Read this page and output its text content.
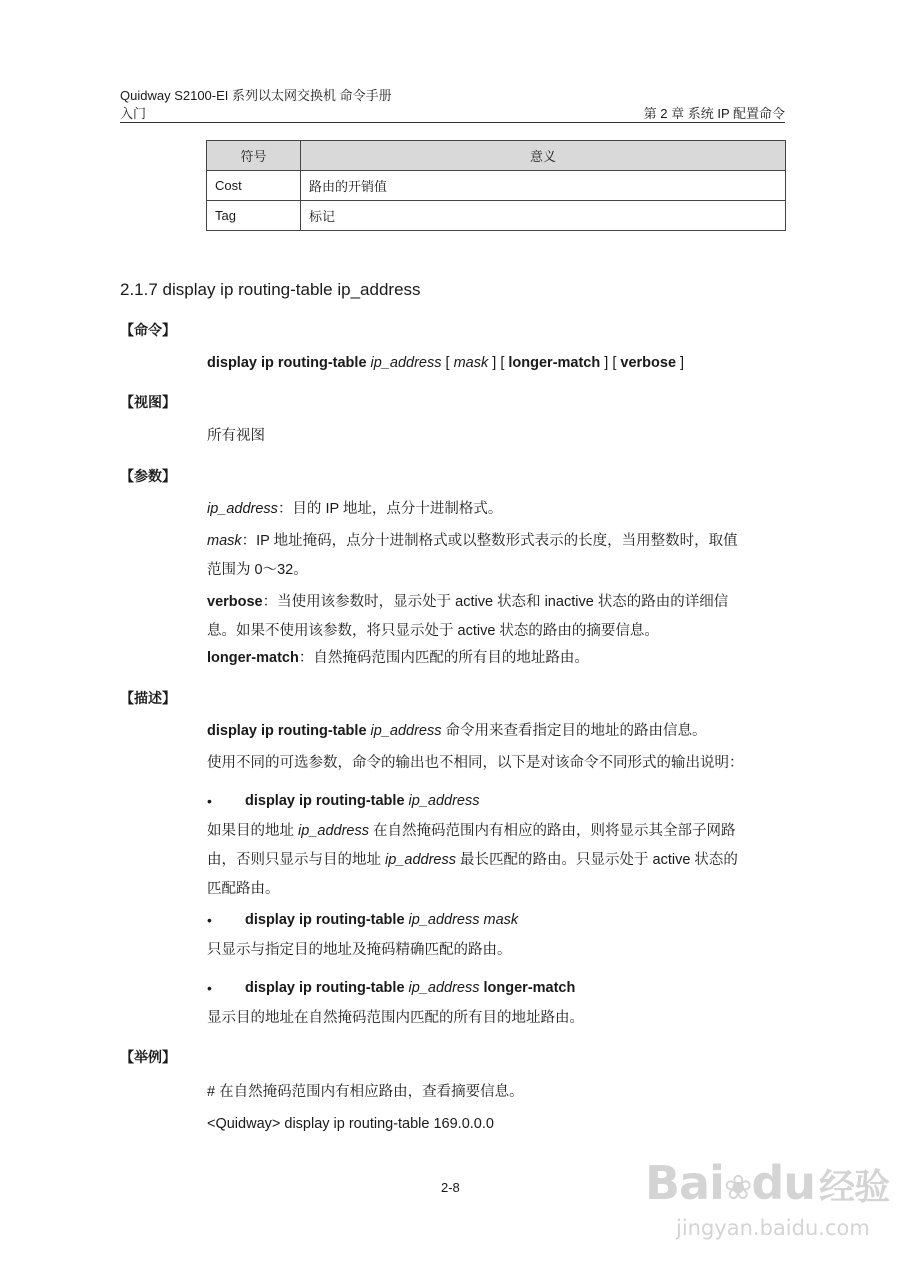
Quidway S2100-EI 系列以太网交换机 命令手册
入门	第 2 章 系统 IP 配置命令
符号	意义
Cost	路由的开销值
Tag	标记
2.1.7 display ip routing-table ip_address
【命令】
display ip routing-table ip_address [ mask ] [ longer-match ] [ verbose ]
【视图】
所有视图
【参数】
ip_address：目的 IP 地址，点分十进制格式。
mask：IP 地址掩码，点分十进制格式或以整数形式表示的长度，当用整数时，取值
范围为 0～32。
verbose：当使用该参数时，显示处于 active 状态和 inactive 状态的路由的详细信
息。如果不使用该参数，将只显示处于 active 状态的路由的摘要信息。
longer-match：自然掩码范围内匹配的所有目的地址路由。
【描述】
display ip routing-table ip_address 命令用来查看指定目的地址的路由信息。
使用不同的可选参数，命令的输出也不相同，以下是对该命令不同形式的输出说明：
• display ip routing-table ip_address
如果目的地址 ip_address 在自然掩码范围内有相应的路由，则将显示其全部子网路
由，否则只显示与目的地址 ip_address 最长匹配的路由。只显示处于 active 状态的
匹配路由。
• display ip routing-table ip_address mask
只显示与指定目的地址及掩码精确匹配的路由。
• display ip routing-table ip_address longer-match
显示目的地址在自然掩码范围内匹配的所有目的地址路由。
【举例】
# 在自然掩码范围内有相应路由，查看摘要信息。
<Quidway> display ip routing-table 169.0.0.0
2-8	Bai❀du 经验
jingyan.baidu.com
